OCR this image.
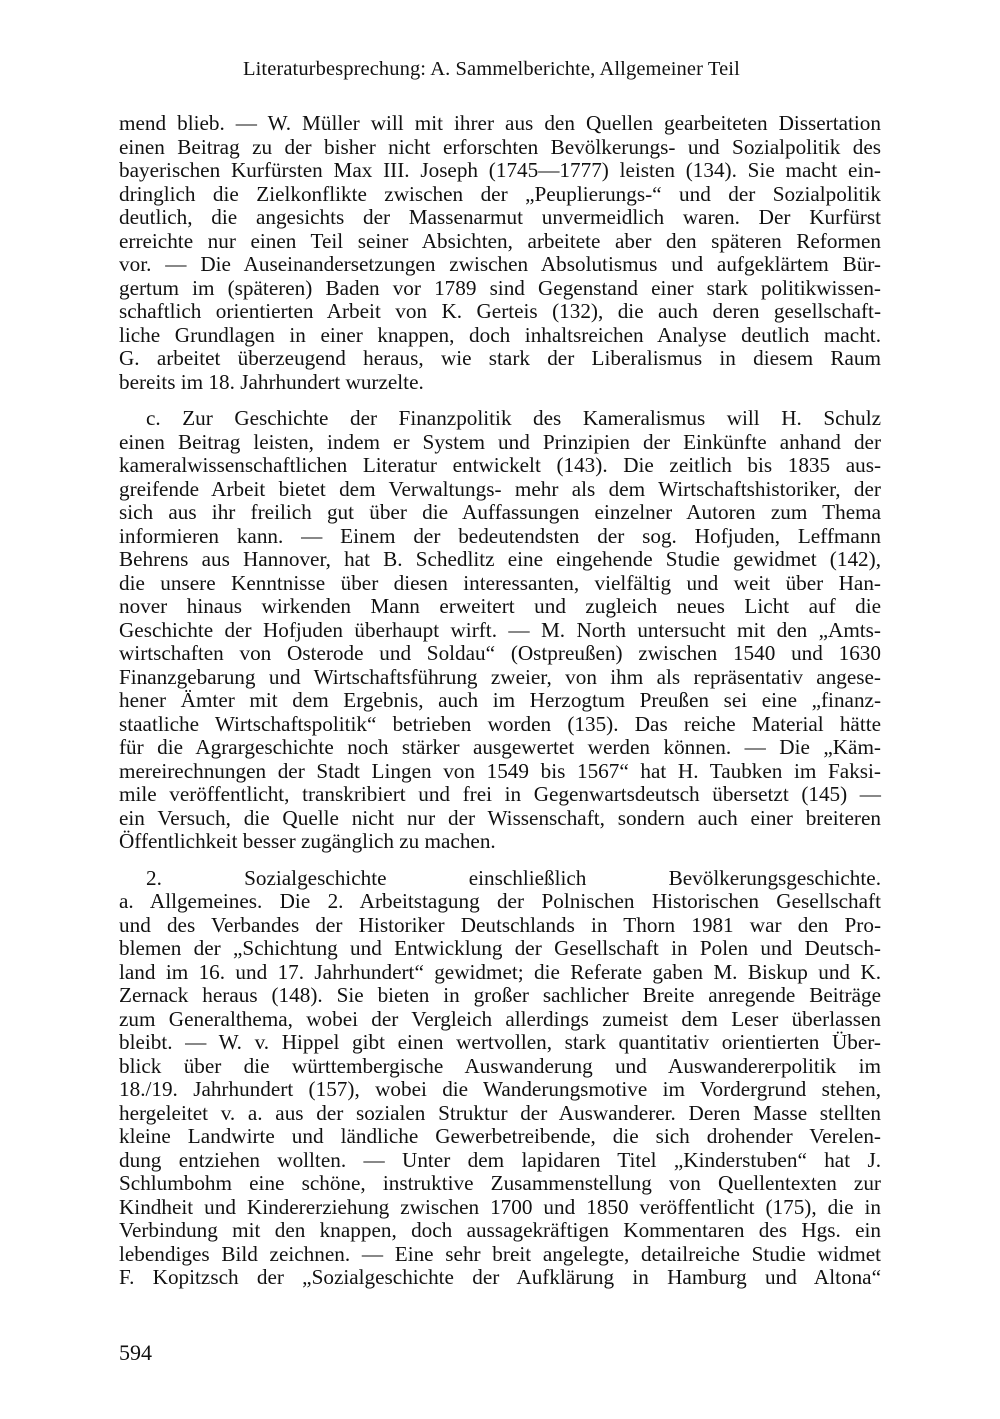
Literaturbesprechung: A. Sammelberichte, Allgemeiner Teil
mend blieb. — W. Müller will mit ihrer aus den Quellen gearbeiteten Dissertation
einen Beitrag zu der bisher nicht erforschten Bevölkerungs- und Sozialpolitik des
bayerischen Kurfürsten Max III. Joseph (1745—1777) leisten (134). Sie macht ein-
dringlich die Zielkonflikte zwischen der „Peuplierungs-“ und der Sozialpolitik
deutlich, die angesichts der Massenarmut unvermeidlich waren. Der Kurfürst
erreichte nur einen Teil seiner Absichten, arbeitete aber den späteren Reformen
vor. — Die Auseinandersetzungen zwischen Absolutismus und aufgeklärtem Bür-
gertum im (späteren) Baden vor 1789 sind Gegenstand einer stark politikwissen-
schaftlich orientierten Arbeit von K. Gerteis (132), die auch deren gesellschaft-
liche Grundlagen in einer knappen, doch inhaltsreichen Analyse deutlich macht.
G. arbeitet überzeugend heraus, wie stark der Liberalismus in diesem Raum
bereits im 18. Jahrhundert wurzelte.
c. Zur Geschichte der Finanzpolitik des Kameralismus will H. Schulz
einen Beitrag leisten, indem er System und Prinzipien der Einkünfte anhand der
kameralwissenschaftlichen Literatur entwickelt (143). Die zeitlich bis 1835 aus-
greifende Arbeit bietet dem Verwaltungs- mehr als dem Wirtschaftshistoriker, der
sich aus ihr freilich gut über die Auffassungen einzelner Autoren zum Thema
informieren kann. — Einem der bedeutendsten der sog. Hofjuden, Leffmann
Behrens aus Hannover, hat B. Schedlitz eine eingehende Studie gewidmet (142),
die unsere Kenntnisse über diesen interessanten, vielfältig und weit über Han-
nover hinaus wirkenden Mann erweitert und zugleich neues Licht auf die
Geschichte der Hofjuden überhaupt wirft. — M. North untersucht mit den „Amts-
wirtschaften von Osterode und Soldau“ (Ostpreußen) zwischen 1540 und 1630
Finanzgebarung und Wirtschaftsführung zweier, von ihm als repräsentativ angese-
hener Ämter mit dem Ergebnis, auch im Herzogtum Preußen sei eine „finanz-
staatliche Wirtschaftspolitik“ betrieben worden (135). Das reiche Material hätte
für die Agrargeschichte noch stärker ausgewertet werden können. — Die „Käm-
mereirechnungen der Stadt Lingen von 1549 bis 1567“ hat H. Taubken im Faksi-
mile veröffentlicht, transkribiert und frei in Gegenwartsdeutsch übersetzt (145) —
ein Versuch, die Quelle nicht nur der Wissenschaft, sondern auch einer breiteren
Öffentlichkeit besser zugänglich zu machen.
2. Sozialgeschichte einschließlich Bevölkerungsgeschichte.
a. Allgemeines. Die 2. Arbeitstagung der Polnischen Historischen Gesellschaft
und des Verbandes der Historiker Deutschlands in Thorn 1981 war den Pro-
blemen der „Schichtung und Entwicklung der Gesellschaft in Polen und Deutsch-
land im 16. und 17. Jahrhundert“ gewidmet; die Referate gaben M. Biskup und K.
Zernack heraus (148). Sie bieten in großer sachlicher Breite anregende Beiträge
zum Generalthema, wobei der Vergleich allerdings zumeist dem Leser überlassen
bleibt. — W. v. Hippel gibt einen wertvollen, stark quantitativ orientierten Über-
blick über die württembergische Auswanderung und Auswandererpolitik im
18./19. Jahrhundert (157), wobei die Wanderungsmotive im Vordergrund stehen,
hergeleitet v. a. aus der sozialen Struktur der Auswanderer. Deren Masse stellten
kleine Landwirte und ländliche Gewerbetreibende, die sich drohender Verelen-
dung entziehen wollten. — Unter dem lapidaren Titel „Kinderstuben“ hat J.
Schlumbohm eine schöne, instruktive Zusammenstellung von Quellentexten zur
Kindheit und Kindererziehung zwischen 1700 und 1850 veröffentlicht (175), die in
Verbindung mit den knappen, doch aussagekräftigen Kommentaren des Hgs. ein
lebendiges Bild zeichnen. — Eine sehr breit angelegte, detailreiche Studie widmet
F. Kopitzsch der „Sozialgeschichte der Aufklärung in Hamburg und Altona“
594
